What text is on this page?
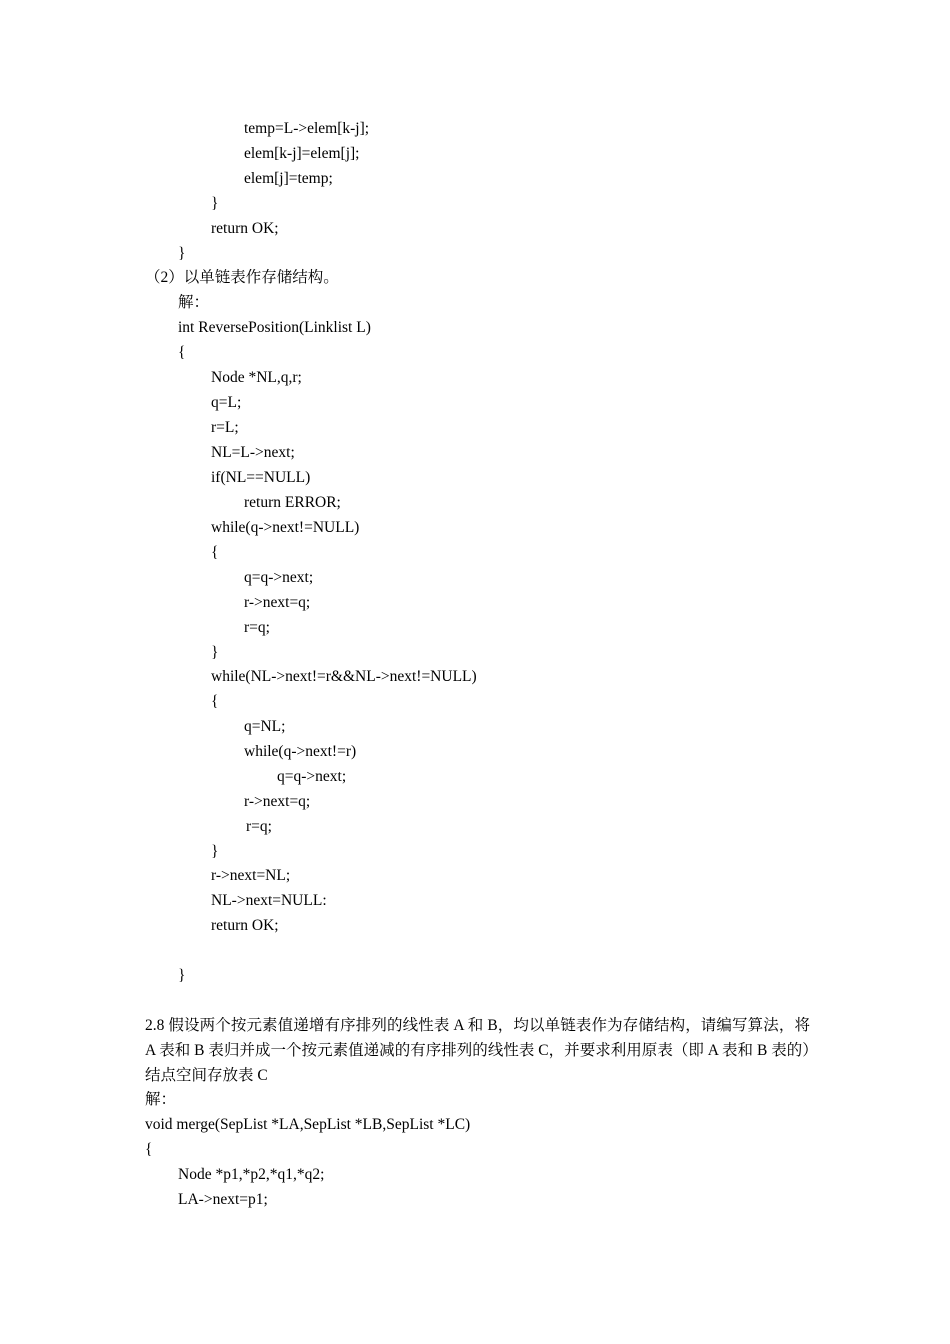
temp=L->elem[k-j];
elem[k-j]=elem[j];
elem[j]=temp;
}
return OK;
}
（2）以单链表作存储结构。
解：
int ReversePosition(Linklist L)
{
Node *NL,q,r;
q=L;
r=L;
NL=L->next;
if(NL==NULL)
return ERROR;
while(q->next!=NULL)
{
q=q->next;
r->next=q;
r=q;
}
while(NL->next!=r&&NL->next!=NULL)
{
q=NL;
while(q->next!=r)
q=q->next;
r->next=q;
r=q;
}
r->next=NL;
NL->next=NULL:
return OK;
}
2.8 假设两个按元素值递增有序排列的线性表 A 和 B，均以单链表作为存储结构，请编写算法，将 A 表和 B 表归并成一个按元素值递减的有序排列的线性表 C，并要求利用原表（即 A 表和 B 表的）结点空间存放表 C
解：
void merge(SepList *LA,SepList *LB,SepList *LC)
{
Node *p1,*p2,*q1,*q2;
LA->next=p1;
